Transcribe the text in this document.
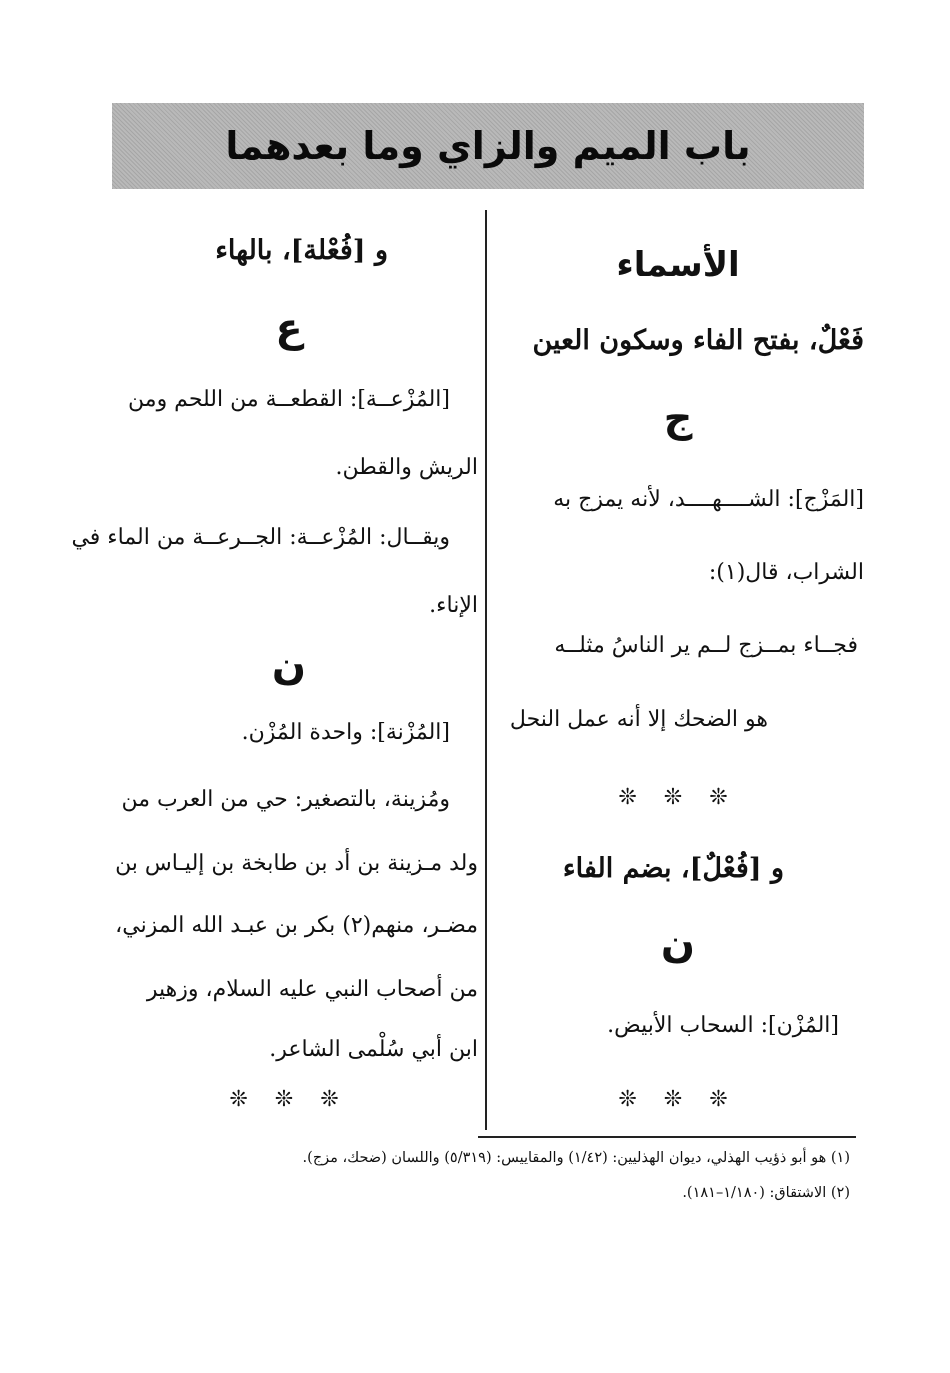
باب الميم والزاي وما بعدهما
الأسماء
فَعْلٌ، بفتح الفاء وسكون العين
ج
[المَزْج]: الشــــهــــد، لأنه يمزج به
الشراب، قال(١):
فجــاء بمــزج لــم ير الناسُ مثلــه
هو الضحك إلا أنه عمل النحل
❊ ❊ ❊
و [فُعْلٌ]، بضم الفاء
ن
[المُزْن]: السحاب الأبيض.
❊ ❊ ❊
و [فُعْلة]، بالهاء
ع
[المُزْعــة]: القطعــة من اللحم ومن
الريش والقطن.
ويقــال: المُزْعــة: الجــرعــة من الماء في
الإناء.
ن
[المُزْنة]: واحدة المُزْن.
ومُزينة، بالتصغير: حي من العرب من
ولد مـزينة بن أد بن طابخة بن إليـاس بن
مضـر، منهم(٢) بكر بن عبـد الله المزني،
من أصحاب النبي عليه السلام، وزهير
ابن أبي سُلْمى الشاعر.
❊ ❊ ❊
(١) هو أبو ذؤيب الهذلي، ديوان الهذليين: (١/٤٢) والمقاييس: (٥/٣١٩) واللسان (ضحك، مزج).
(٢) الاشتقاق: (١/١٨٠–١٨١).
